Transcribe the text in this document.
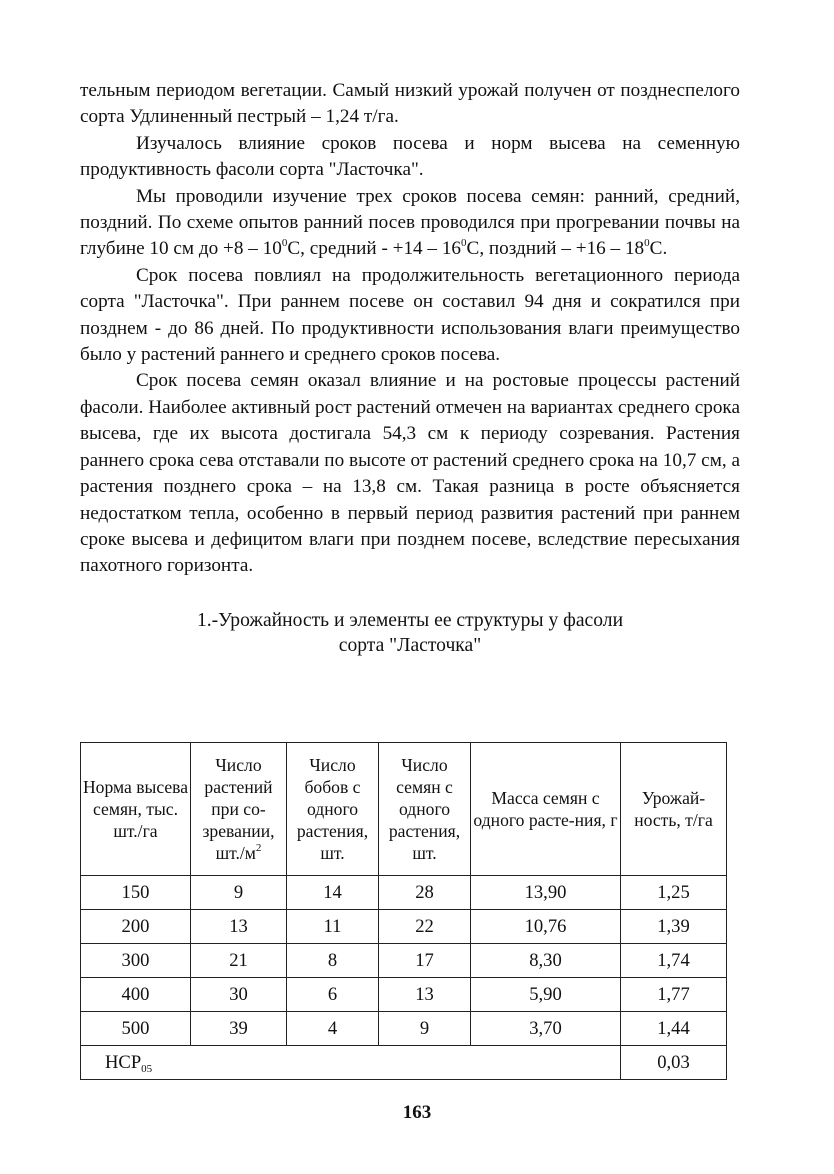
тельным периодом вегетации. Самый низкий урожай получен от позднеспелого сорта Удлиненный пестрый – 1,24 т/га.

Изучалось влияние сроков посева и норм высева на семенную продуктивность фасоли сорта "Ласточка".

Мы проводили изучение трех сроков посева семян: ранний, средний, поздний. По схеме опытов ранний посев проводился при прогревании почвы на глубине 10 см до $+8 - 10^0С$, средний - $+14 - 16^0С$, поздний – $+16 - 18^0С$.

Срок посева повлиял на продолжительность вегетационного периода сорта "Ласточка". При раннем посеве он составил 94 дня и сократился при позднем - до 86 дней. По продуктивности использования влаги преимущество было у растений раннего и среднего сроков посева.

Срок посева семян оказал влияние и на ростовые процессы растений фасоли. Наиболее активный рост растений отмечен на вариантах среднего срока высева, где их высота достигала 54,3 см к периоду созревания. Растения раннего срока сева отставали по высоте от растений среднего срока на 10,7 см, а растения позднего срока – на 13,8 см. Такая разница в росте объясняется недостатком тепла, особенно в первый период развития растений при раннем сроке высева и дефицитом влаги при позднем посеве, вследствие пересыхания пахотного горизонта.

1.-Урожайность и элементы ее структуры у фасоли
сорта "Ласточка"
Норма высева семян, тыс. шт./га	Число растений при со-зревании, $шт./м^2$	Число бобов с одного растения, шт.	Число семян с одного растения, шт.	Масса семян с одного расте-ния, г	Урожай-ность, т/га
150	9	14	28	13,90	1,25
200	13	11	22	10,76	1,39
300	21	8	17	8,30	1,74
400	30	6	13	5,90	1,77
500	39	4	9	3,70	1,44
$НСР_{05}$					0,03
163
